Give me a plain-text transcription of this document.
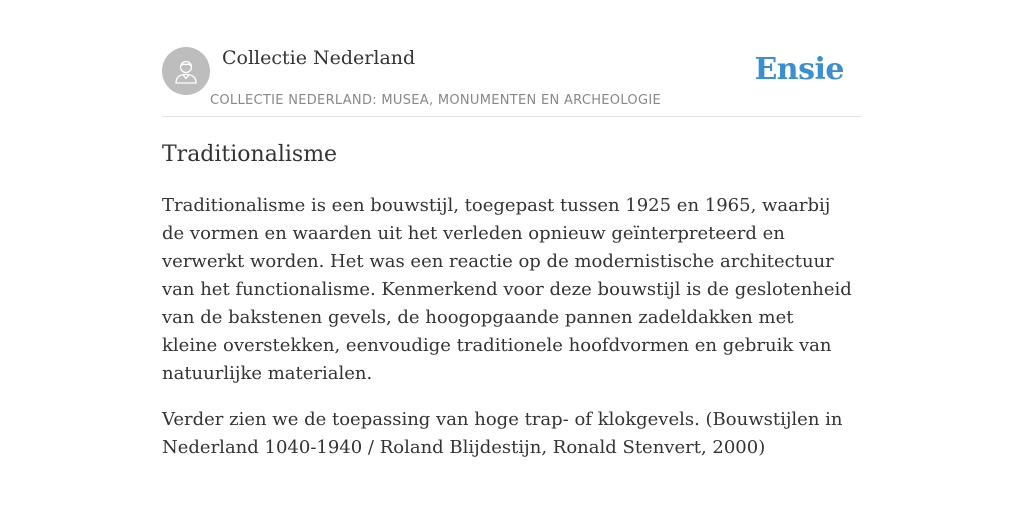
Collectie Nederland
COLLECTIE NEDERLAND: MUSEA, MONUMENTEN EN ARCHEOLOGIE
Ensie
Traditionalisme

Traditionalisme is een bouwstijl, toegepast tussen 1925 en 1965, waarbij de vormen en waarden uit het verleden opnieuw geïnterpreteerd en verwerkt worden. Het was een reactie op de modernistische architectuur van het functionalisme. Kenmerkend voor deze bouwstijl is de geslotenheid van de bakstenen gevels, de hoogopgaande pannen zadeldakken met kleine overstekken, eenvoudige traditionele hoofdvormen en gebruik van natuurlijke materialen.

Verder zien we de toepassing van hoge trap- of klokgevels. (Bouwstijlen in Nederland 1040-1940 / Roland Blijdestijn, Ronald Stenvert, 2000)
